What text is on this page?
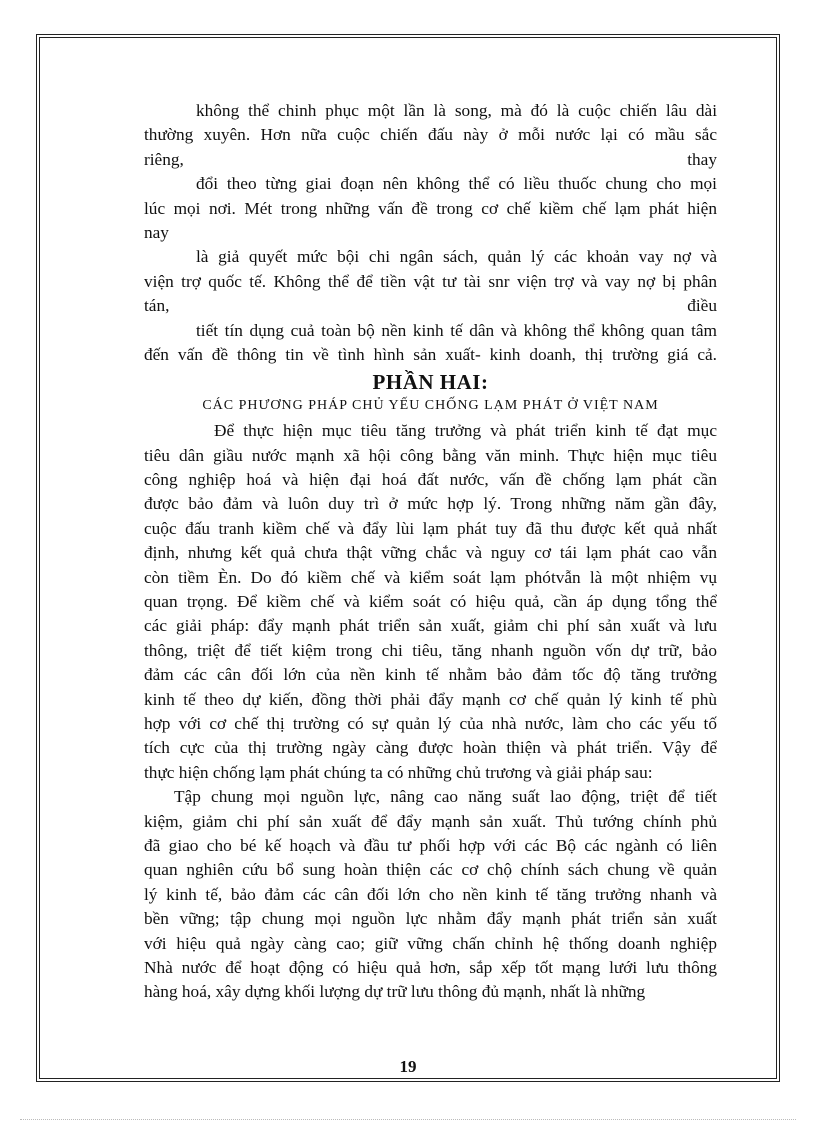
không thể chinh phục một lần là song, mà đó là cuộc chiến lâu dài
thường xuyên. Hơn nữa cuộc chiến đấu này ở mỗi nước lại có mầu sắc
riêng,	thay
đổi theo từng giai đoạn nên không thể có liều thuốc chung cho mọi
lúc mọi nơi. Mét trong những vấn đề trong cơ chế kiềm chế lạm phát hiện
nay
là giả quyết mức bội chi ngân sách, quản lý các khoản vay nợ và
viện trợ quốc tế. Không thể để tiền vật tư tài snr viện trợ và vay nợ bị phân
tán,	điều
tiết tín dụng cuả toàn bộ nền kinh tế dân và không thể không quan tâm
đến vấn đề thông tin về tình hình sản xuất- kinh doanh, thị trường giá cả.
PHẦN HAI:
CÁC PHƯƠNG PHÁP CHỦ YẾU CHỐNG LẠM PHÁT Ở VIỆT NAM
Để thực hiện mục tiêu tăng trưởng và phát triển kinh tế đạt mục
tiêu dân giầu nước mạnh xã hội công bằng văn minh. Thực hiện mục tiêu
công nghiệp hoá và hiện đại hoá đất nước, vấn đề chống lạm phát cần
được bảo đảm và luôn duy trì ở mức hợp lý. Trong những năm gần đây,
cuộc đấu tranh kiềm chế và đẩy lùi lạm phát tuy đã thu được kết quả nhất
định, nhưng kết quả chưa thật vững chắc và nguy cơ tái lạm phát cao vẫn
còn tiềm Èn. Do đó kiềm chế và kiểm soát lạm phótvẫn là một nhiệm vụ
quan trọng. Để kiềm chế và kiểm soát có hiệu quả, cần áp dụng tổng thể
các giải pháp: đẩy mạnh phát triển sản xuất, giảm chi phí sản xuất và lưu
thông, triệt để tiết kiệm trong chi tiêu, tăng nhanh nguồn vốn dự trữ, bảo
đảm các cân đối lớn của nền kinh tế nhằm bảo đảm tốc độ tăng trưởng
kinh tế theo dự kiến, đồng thời phải đẩy mạnh cơ chế quản lý kinh tế phù
hợp với cơ chế thị trường có sự quản lý của nhà nước, làm cho các yếu tố
tích cực của thị trường ngày càng được hoàn thiện và phát triển. Vậy để
thực hiện chống lạm phát chúng ta có những chủ trương và giải pháp sau:
Tập chung mọi nguồn lực, nâng cao năng suất lao động, triệt để tiết
kiệm, giảm chi phí sản xuất để đẩy mạnh sản xuất. Thủ tướng chính phủ
đã giao cho bé kế hoạch và đầu tư phối hợp với các Bộ các ngành có liên
quan nghiên cứu bổ sung hoàn thiện các cơ chộ chính sách chung về quản
lý kinh tế, bảo đảm các cân đối lớn cho nền kinh tế tăng trưởng nhanh và
bền vững; tập chung mọi nguồn lực nhằm đẩy mạnh phát triển sản xuất
với hiệu quả ngày càng cao; giữ vững chấn chỉnh hệ thống doanh nghiệp
Nhà nước để hoạt động có hiệu quả hơn, sắp xếp tốt mạng lưới lưu thông
hàng hoá, xây dựng khối lượng dự trữ lưu thông đủ mạnh, nhất là những
19
